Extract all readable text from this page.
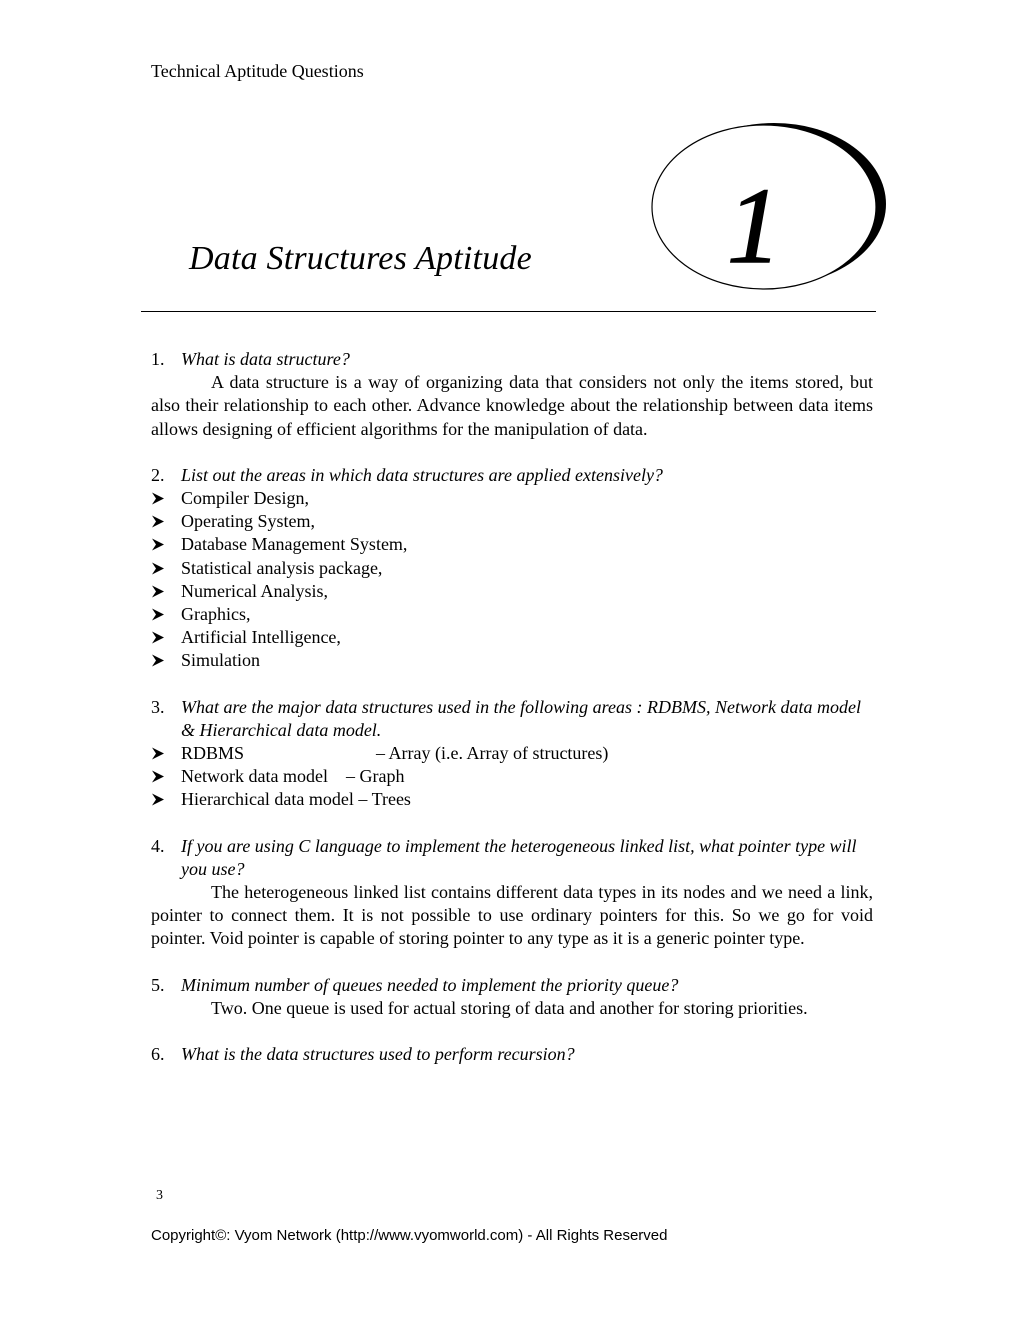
Technical Aptitude Questions
Data Structures Aptitude 1

1. What is data structure?

A data structure is a way of organizing data that considers not only the items stored, but also their relationship to each other. Advance knowledge about the relationship between data items allows designing of efficient algorithms for the manipulation of data.

2. List out the areas in which data structures are applied extensively?

Compiler Design,
Operating System,
Database Management System,
Statistical analysis package,
Numerical Analysis,
Graphics,
Artificial Intelligence,
Simulation

3. What are the major data structures used in the following areas : RDBMS, Network data model & Hierarchical data model.

RDBMS	– Array (i.e. Array of structures)
Network data model – Graph
Hierarchical data model – Trees

4. If you are using C language to implement the heterogeneous linked list, what pointer type will you use?

The heterogeneous linked list contains different data types in its nodes and we need a link, pointer to connect them. It is not possible to use ordinary pointers for this. So we go for void pointer. Void pointer is capable of storing pointer to any type as it is a generic pointer type.

5. Minimum number of queues needed to implement the priority queue?

Two. One queue is used for actual storing of data and another for storing priorities.

6. What is the data structures used to perform recursion?

3
Copyright©: Vyom Network (http://www.vyomworld.com) - All Rights Reserved
